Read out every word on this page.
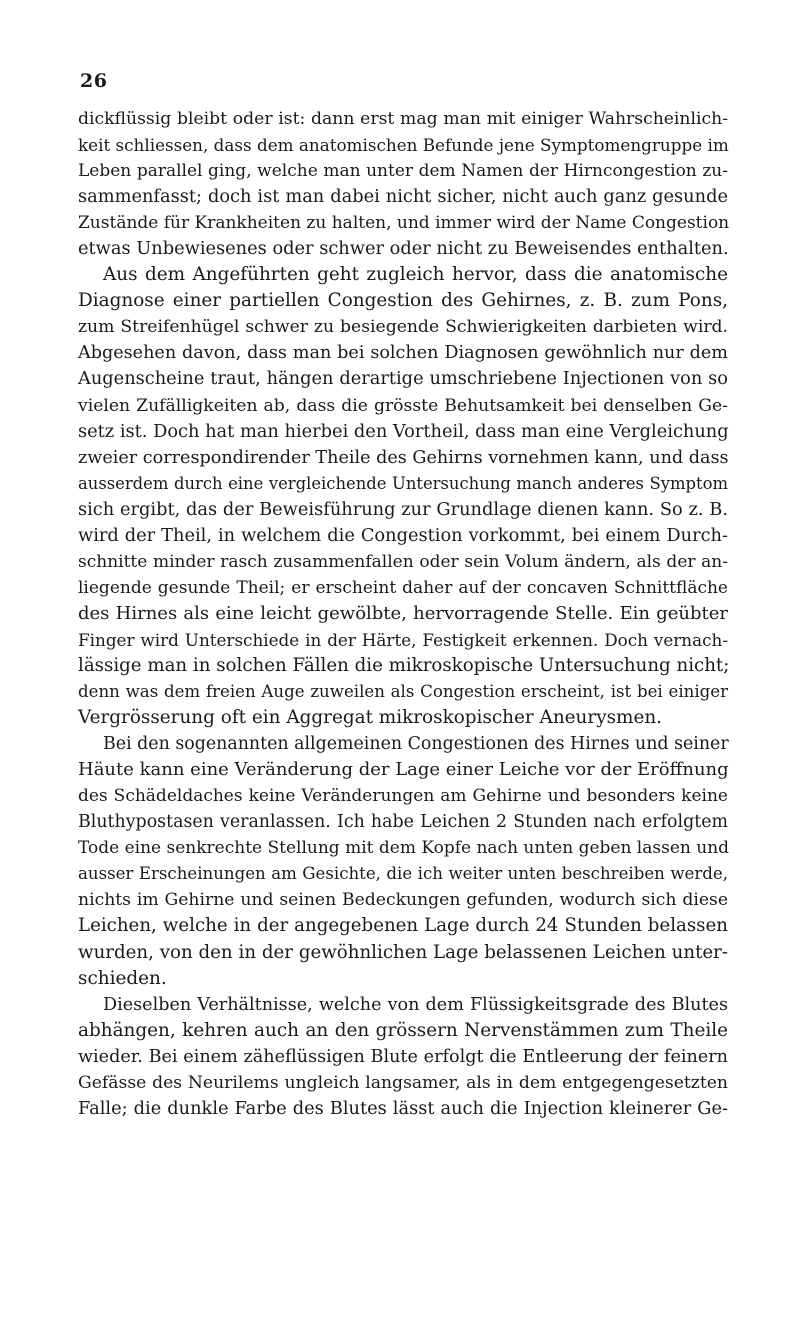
26
dickflüssig bleibt oder ist: dann erst mag man mit einiger Wahrscheinlich-
keit schliessen, dass dem anatomischen Befunde jene Symptomengruppe im
Leben parallel ging, welche man unter dem Namen der Hirncongestion zu-
sammenfasst; doch ist man dabei nicht sicher, nicht auch ganz gesunde
Zustände für Krankheiten zu halten, und immer wird der Name Congestion
etwas Unbewiesenes oder schwer oder nicht zu Beweisendes enthalten.
Aus dem Angeführten geht zugleich hervor, dass die anatomische
Diagnose einer partiellen Congestion des Gehirnes, z. B. zum Pons,
zum Streifenhügel schwer zu besiegende Schwierigkeiten darbieten wird.
Abgesehen davon, dass man bei solchen Diagnosen gewöhnlich nur dem
Augenscheine traut, hängen derartige umschriebene Injectionen von so
vielen Zufälligkeiten ab, dass die grösste Behutsamkeit bei denselben Ge-
setz ist. Doch hat man hierbei den Vortheil, dass man eine Vergleichung
zweier correspondirender Theile des Gehirns vornehmen kann, und dass
ausserdem durch eine vergleichende Untersuchung manch anderes Symptom
sich ergibt, das der Beweisführung zur Grundlage dienen kann. So z. B.
wird der Theil, in welchem die Congestion vorkommt, bei einem Durch-
schnitte minder rasch zusammenfallen oder sein Volum ändern, als der an-
liegende gesunde Theil; er erscheint daher auf der concaven Schnittfläche
des Hirnes als eine leicht gewölbte, hervorragende Stelle. Ein geübter
Finger wird Unterschiede in der Härte, Festigkeit erkennen. Doch vernach-
lässige man in solchen Fällen die mikroskopische Untersuchung nicht;
denn was dem freien Auge zuweilen als Congestion erscheint, ist bei einiger
Vergrösserung oft ein Aggregat mikroskopischer Aneurysmen.
Bei den sogenannten allgemeinen Congestionen des Hirnes und seiner
Häute kann eine Veränderung der Lage einer Leiche vor der Eröffnung
des Schädeldaches keine Veränderungen am Gehirne und besonders keine
Bluthypostasen veranlassen. Ich habe Leichen 2 Stunden nach erfolgtem
Tode eine senkrechte Stellung mit dem Kopfe nach unten geben lassen und
ausser Erscheinungen am Gesichte, die ich weiter unten beschreiben werde,
nichts im Gehirne und seinen Bedeckungen gefunden, wodurch sich diese
Leichen, welche in der angegebenen Lage durch 24 Stunden belassen
wurden, von den in der gewöhnlichen Lage belassenen Leichen unter-
schieden.
Dieselben Verhältnisse, welche von dem Flüssigkeitsgrade des Blutes
abhängen, kehren auch an den grössern Nervenstämmen zum Theile
wieder. Bei einem zäheflüssigen Blute erfolgt die Entleerung der feinern
Gefässe des Neurilems ungleich langsamer, als in dem entgegengesetzten
Falle; die dunkle Farbe des Blutes lässt auch die Injection kleinerer Ge-
